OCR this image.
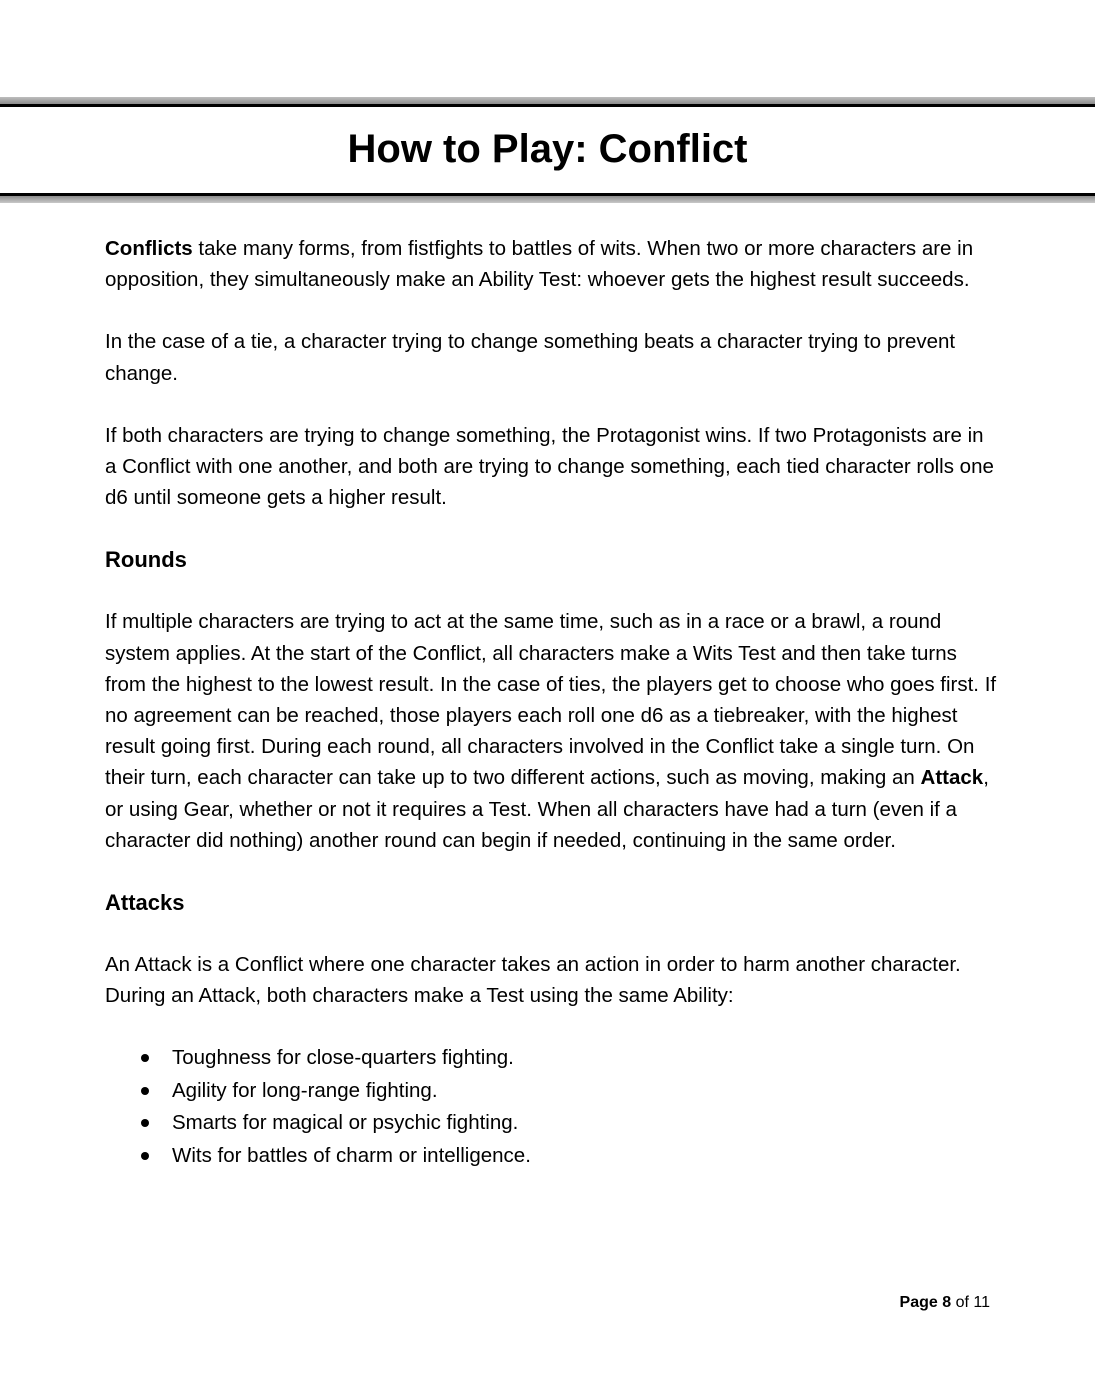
How to Play: Conflict

Conflicts take many forms, from fistfights to battles of wits. When two or more characters are in opposition, they simultaneously make an Ability Test: whoever gets the highest result succeeds.

In the case of a tie, a character trying to change something beats a character trying to prevent change.

If both characters are trying to change something, the Protagonist wins. If two Protagonists are in a Conflict with one another, and both are trying to change something, each tied character rolls one d6 until someone gets a higher result.

Rounds

If multiple characters are trying to act at the same time, such as in a race or a brawl, a round system applies. At the start of the Conflict, all characters make a Wits Test and then take turns from the highest to the lowest result. In the case of ties, the players get to choose who goes first. If no agreement can be reached, those players each roll one d6 as a tiebreaker, with the highest result going first. During each round, all characters involved in the Conflict take a single turn. On their turn, each character can take up to two different actions, such as moving, making an Attack, or using Gear, whether or not it requires a Test. When all characters have had a turn (even if a character did nothing) another round can begin if needed, continuing in the same order.

Attacks

An Attack is a Conflict where one character takes an action in order to harm another character. During an Attack, both characters make a Test using the same Ability:

Toughness for close-quarters fighting.
Agility for long-range fighting.
Smarts for magical or psychic fighting.
Wits for battles of charm or intelligence.
Page 8 of 11
